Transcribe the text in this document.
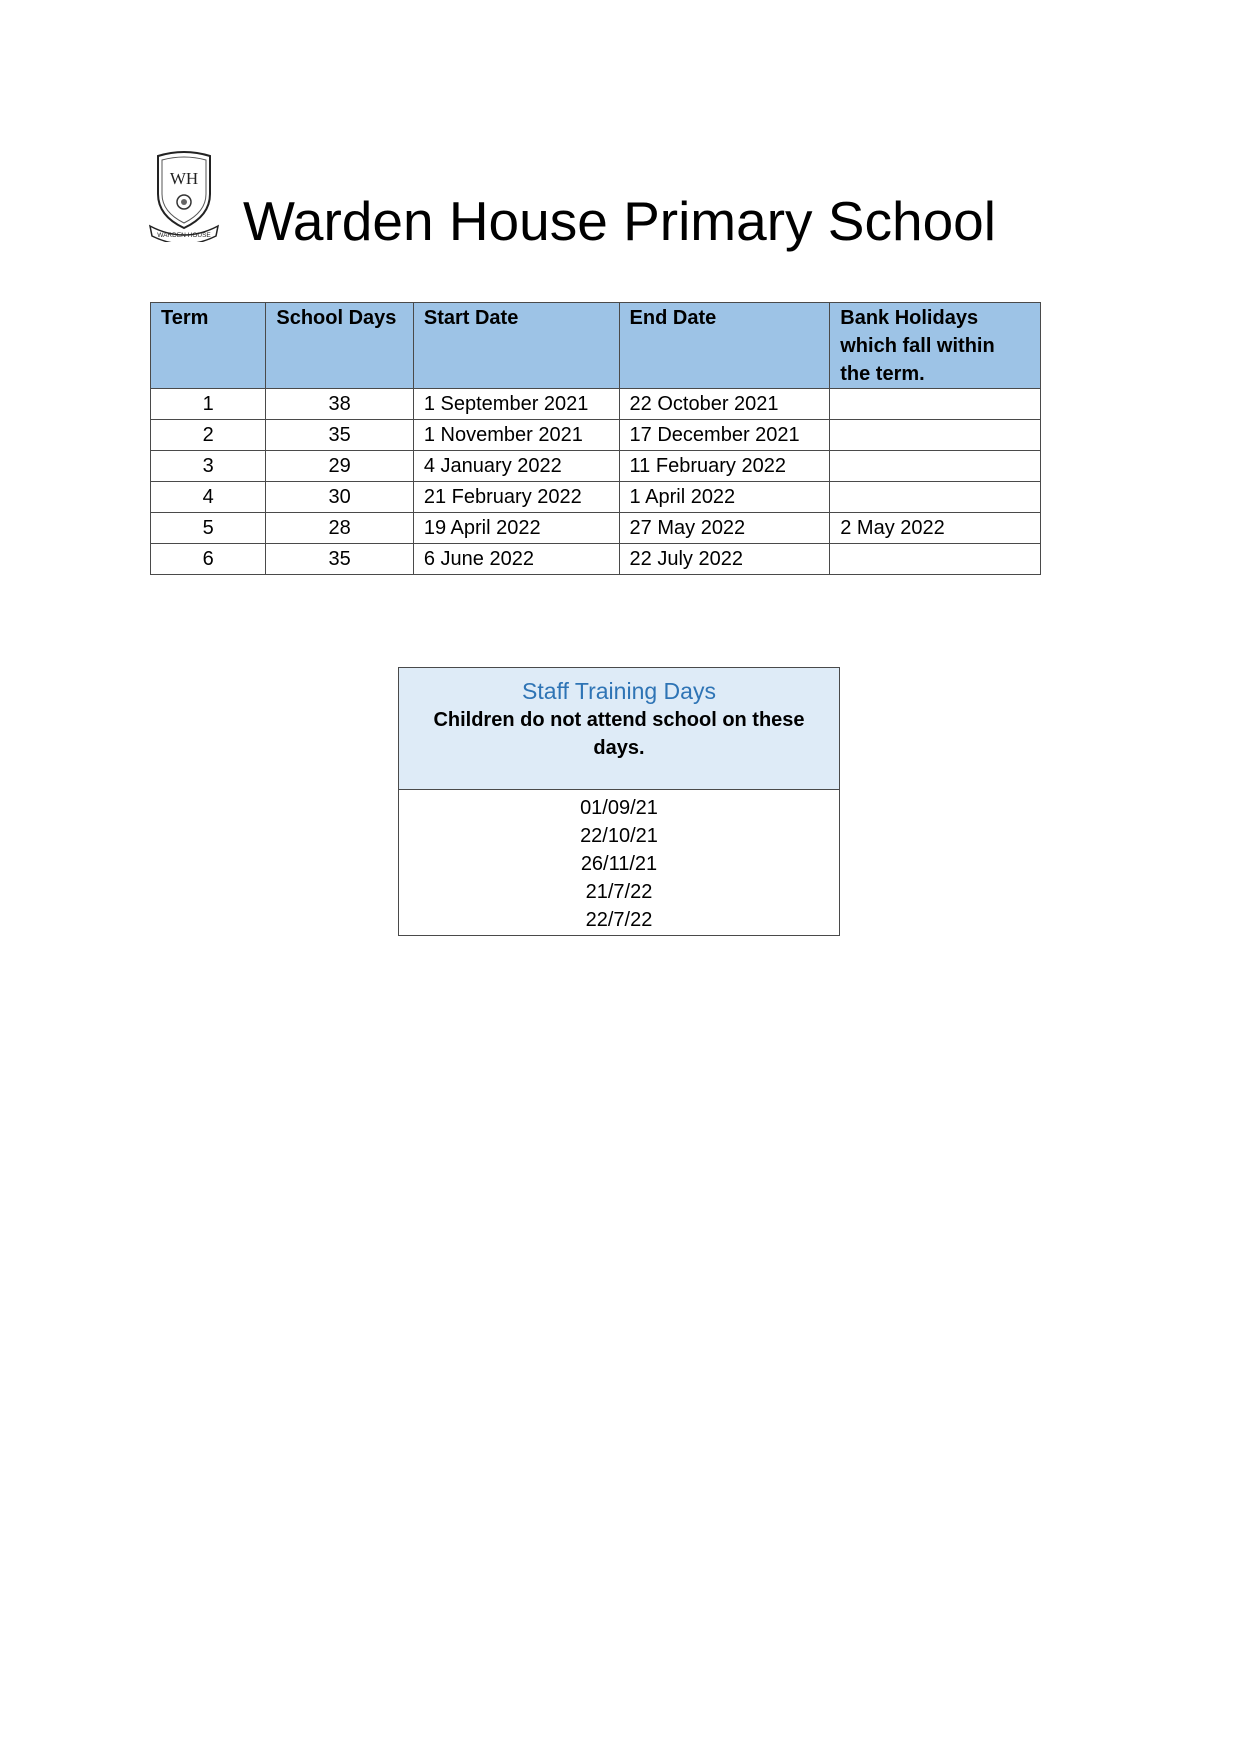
WH
WARDEN HOUSE Warden House Primary School
Term	School Days	Start Date	End Date	Bank Holidays which fall within the term.
1	38	1 September 2021	22 October 2021	
2	35	1 November 2021	17 December 2021	
3	29	4 January 2022	11 February 2022	
4	30	21 February 2022	1 April 2022	
5	28	19 April 2022	27 May 2022	2 May 2022
6	35	6 June 2022	22 July 2022	
Staff Training Days
Children do not attend school on these days.

01/09/21
22/10/21
26/11/21
21/7/22
22/7/22
